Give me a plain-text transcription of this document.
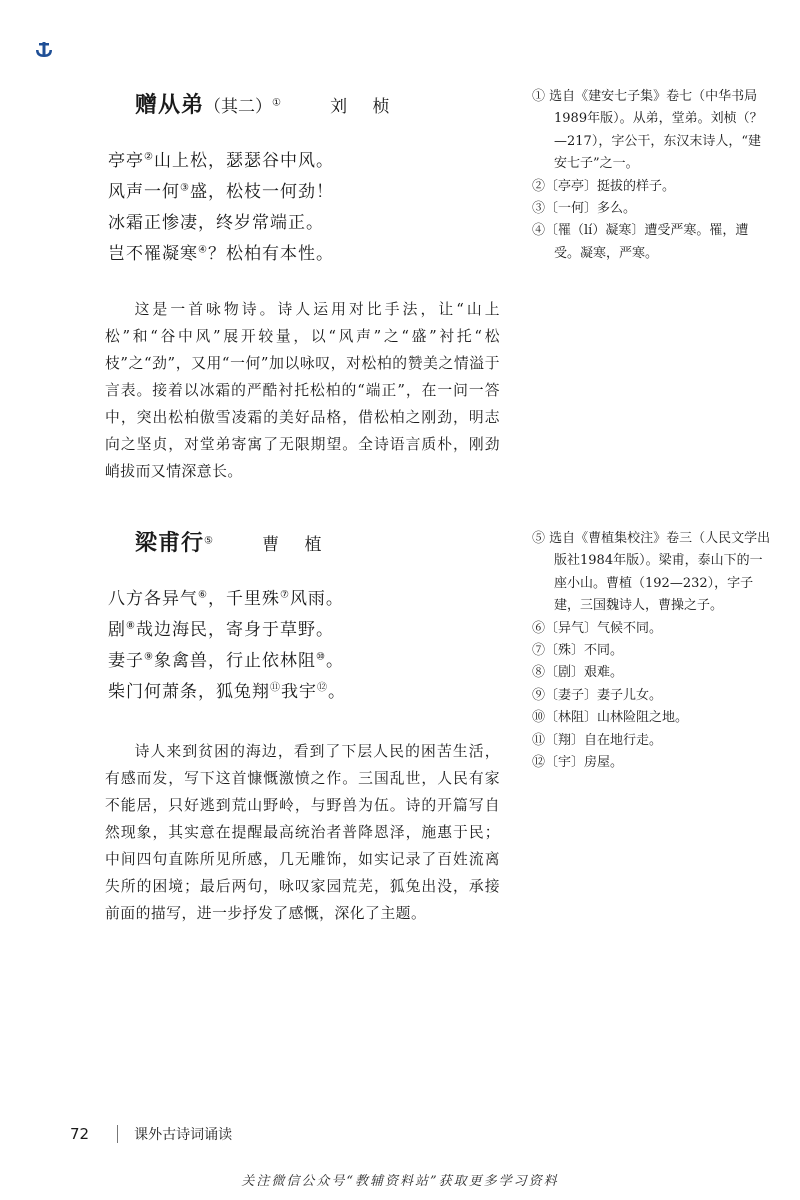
赠从弟（其二）①	刘 桢
亭亭②山上松，瑟瑟谷中风。
风声一何③盛，松枝一何劲！
冰霜正惨凄，终岁常端正。
岂不罹凝寒④？松柏有本性。

这是一首咏物诗。诗人运用对比手法，让“山上松”和“谷中风”展开较量，以“风声”之“盛”衬托“松枝”之“劲”，又用“一何”加以咏叹，对松柏的赞美之情溢于言表。接着以冰霜的严酷衬托松柏的“端正”，在一问一答中，突出松柏傲雪凌霜的美好品格，借松柏之刚劲，明志向之坚贞，对堂弟寄寓了无限期望。全诗语言质朴，刚劲峭拔而又情深意长。

① 选自《建安七子集》卷七（中华书局1989年版）。从弟，堂弟。刘桢（？—217），字公干，东汉末诗人，“建安七子”之一。
②〔亭亭〕挺拔的样子。
③〔一何〕多么。
④〔罹（lí）凝寒〕遭受严寒。罹，遭受。凝寒，严寒。
梁甫行⑤	曹 植
八方各异气⑥，千里殊⑦风雨。
剧⑧哉边海民，寄身于草野。
妻子⑨象禽兽，行止依林阻⑩。
柴门何萧条，狐兔翔⑪我宇⑫。

诗人来到贫困的海边，看到了下层人民的困苦生活，有感而发，写下这首慷慨激愤之作。三国乱世，人民有家不能居，只好逃到荒山野岭，与野兽为伍。诗的开篇写自然现象，其实意在提醒最高统治者普降恩泽，施惠于民；中间四句直陈所见所感，几无雕饰，如实记录了百姓流离失所的困境；最后两句，咏叹家园荒芜，狐兔出没，承接前面的描写，进一步抒发了感慨，深化了主题。

⑤ 选自《曹植集校注》卷三（人民文学出版社1984年版）。梁甫，泰山下的一座小山。曹植（192—232），字子建，三国魏诗人，曹操之子。
⑥〔异气〕气候不同。
⑦〔殊〕不同。
⑧〔剧〕艰难。
⑨〔妻子〕妻子儿女。
⑩〔林阻〕山林险阻之地。
⑪〔翔〕自在地行走。
⑫〔宇〕房屋。
72	课外古诗词诵读
关注微信公众号“教辅资料站”获取更多学习资料
